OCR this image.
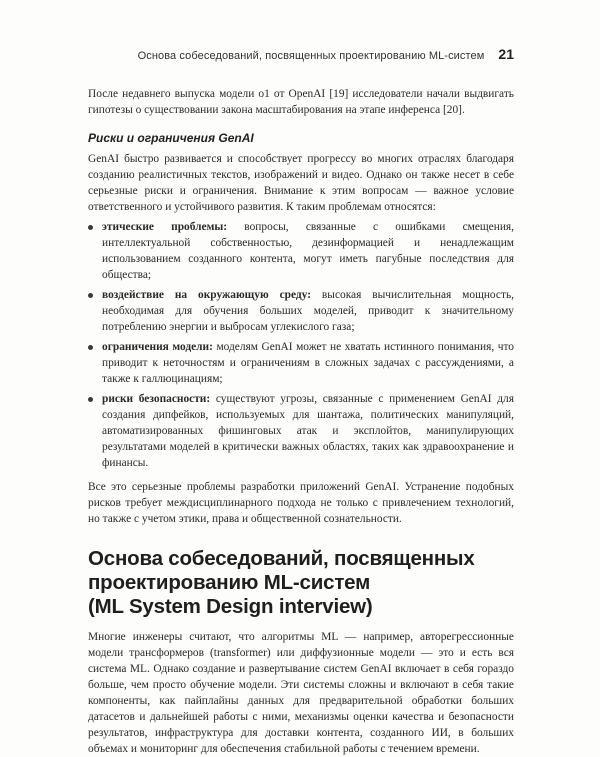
Основа собеседований, посвященных проектированию ML-систем 21

После недавнего выпуска модели o1 от OpenAI [19] исследователи начали выдвигать гипотезы о существовании закона масштабирования на этапе инференса [20].

Риски и ограничения GenAI

GenAI быстро развивается и способствует прогрессу во многих отраслях благодаря созданию реалистичных текстов, изображений и видео. Однако он также несет в себе серьезные риски и ограничения. Внимание к этим вопросам — важное условие ответственного и устойчивого развития. К таким проблемам относятся:

этические проблемы: вопросы, связанные с ошибками смещения, интеллектуальной собственностью, дезинформацией и ненадлежащим использованием созданного контента, могут иметь пагубные последствия для общества;
воздействие на окружающую среду: высокая вычислительная мощность, необходимая для обучения больших моделей, приводит к значительному потреблению энергии и выбросам углекислого газа;
ограничения модели: моделям GenAI может не хватать истинного понимания, что приводит к неточностям и ограничениям в сложных задачах с рассуждениями, а также к галлюцинациям;
риски безопасности: существуют угрозы, связанные с применением GenAI для создания дипфейков, используемых для шантажа, политических манипуляций, автоматизированных фишинговых атак и эксплойтов, манипулирующих результатами моделей в критически важных областях, таких как здравоохранение и финансы.

Все это серьезные проблемы разработки приложений GenAI. Устранение подобных рисков требует междисциплинарного подхода не только с привлечением технологий, но также с учетом этики, права и общественной сознательности.

Основа собеседований, посвященных
проектированию ML-систем
(ML System Design interview)

Многие инженеры считают, что алгоритмы ML — например, авторегрессионные модели трансформеров (transformer) или диффузионные модели — это и есть вся система ML. Однако создание и развертывание систем GenAI включает в себя гораздо больше, чем просто обучение модели. Эти системы сложны и включают в себя такие компоненты, как пайплайны данных для предварительной обработки больших датасетов и дальнейшей работы с ними, механизмы оценки качества и безопасности результатов, инфраструктура для доставки контента, созданного ИИ, в больших объемах и мониторинг для обеспечения стабильной работы с течением времени.
